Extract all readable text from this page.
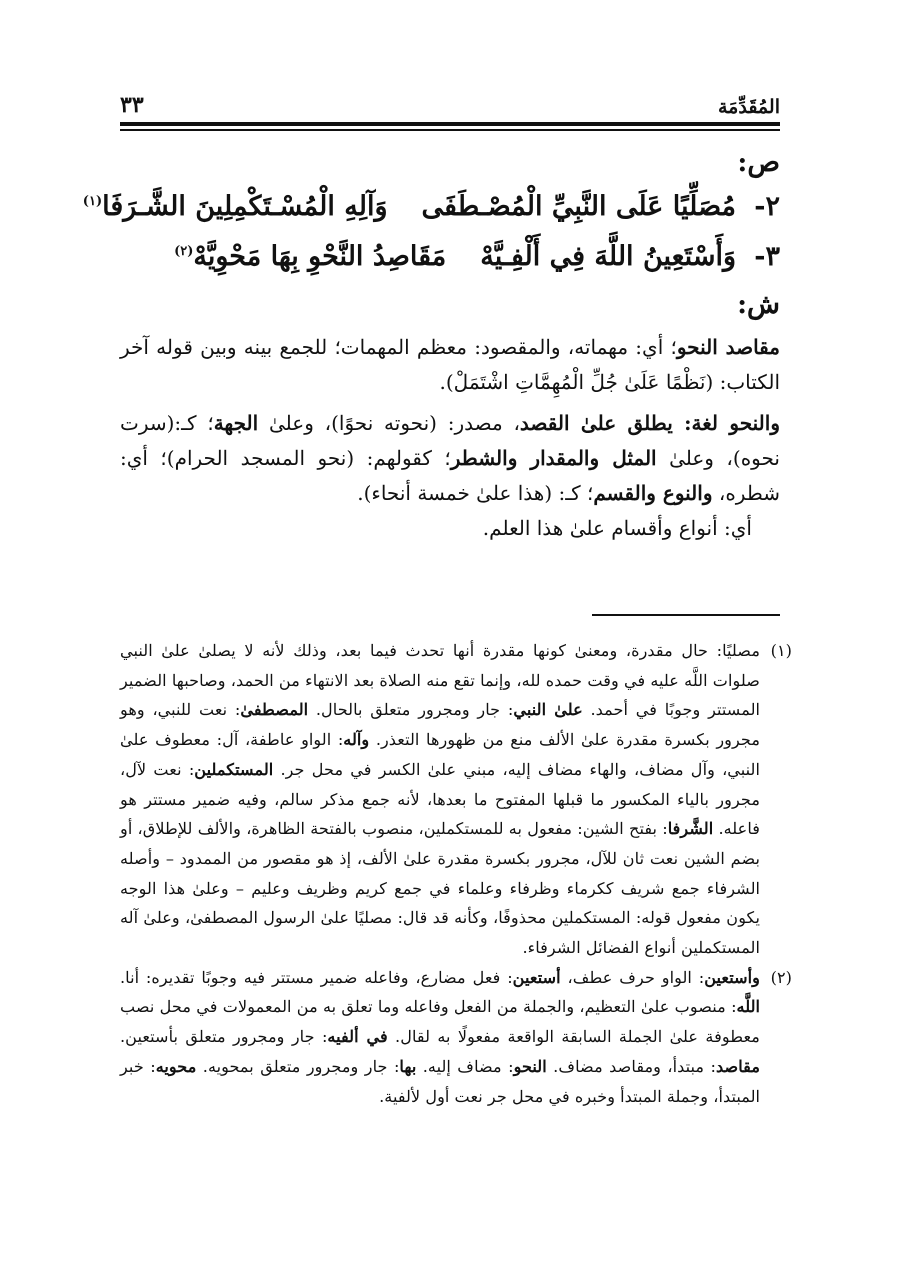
المُقَدِّمَة
٣٣
ص:
٢-
مُصَلِّيًا عَلَى النَّبِيِّ الْمُصْـطَفَى
وَآلِهِ الْمُسْـتَكْمِلِينَ الشَّـرَفَا$^{(١)}$
٣-
وَأَسْتَعِينُ اللَّهَ فِي أَلْفِـيَّهْ
مَقَاصِدُ النَّحْوِ بِهَا مَحْوِيَّهْ$^{(٢)}$
ش:

مقاصد النحو؛ أي: مهماته، والمقصود: معظم المهمات؛ للجمع بينه وبين قوله آخر الكتاب: (نَظْمًا عَلَىٰ جُلِّ الْمُهِمَّاتِ اشْتَمَلْ).

والنحو لغة: يطلق علىٰ القصد، مصدر: (نحوته نحوًا)، وعلىٰ الجهة؛ كـ:(سرت نحوه)، وعلىٰ المثل والمقدار والشطر؛ كقولهم: (نحو المسجد الحرام)؛ أي: شطره، والنوع والقسم؛ كـ: (هذا علىٰ خمسة أنحاء).

أي: أنواع وأقسام علىٰ هذا العلم.

(١)
مصليًا: حال مقدرة، ومعنىٰ كونها مقدرة أنها تحدث فيما بعد، وذلك لأنه لا يصلىٰ علىٰ النبي صلوات اللَّه عليه في وقت حمده لله، وإنما تقع منه الصلاة بعد الانتهاء من الحمد، وصاحبها الضمير المستتر وجوبًا في أحمد. علىٰ النبي: جار ومجرور متعلق بالحال. المصطفىٰ: نعت للنبي، وهو مجرور بكسرة مقدرة علىٰ الألف منع من ظهورها التعذر. وآله: الواو عاطفة، آل: معطوف علىٰ النبي، وآل مضاف، والهاء مضاف إليه، مبني علىٰ الكسر في محل جر. المستكملين: نعت لآل، مجرور بالياء المكسور ما قبلها المفتوح ما بعدها، لأنه جمع مذكر سالم، وفيه ضمير مستتر هو فاعله. الشَّرفا: بفتح الشين: مفعول به للمستكملين، منصوب بالفتحة الظاهرة، والألف للإطلاق، أو بضم الشين نعت ثان للآل، مجرور بكسرة مقدرة علىٰ الألف، إذ هو مقصور من الممدود – وأصله الشرفاء جمع شريف ككرماء وظرفاء وعلماء في جمع كريم وظريف وعليم – وعلىٰ هذا الوجه يكون مفعول قوله: المستكملين محذوفًا، وكأنه قد قال: مصليًا علىٰ الرسول المصطفىٰ، وعلىٰ آله المستكملين أنواع الفضائل الشرفاء.
(٢)
وأستعين: الواو حرف عطف، أستعين: فعل مضارع، وفاعله ضمير مستتر فيه وجوبًا تقديره: أنا. اللَّه: منصوب علىٰ التعظيم، والجملة من الفعل وفاعله وما تعلق به من المعمولات في محل نصب معطوفة علىٰ الجملة السابقة الواقعة مفعولًا به لقال. في ألفيه: جار ومجرور متعلق بأستعين. مقاصد: مبتدأ، ومقاصد مضاف. النحو: مضاف إليه. بها: جار ومجرور متعلق بمحويه. محويه: خبر المبتدأ، وجملة المبتدأ وخبره في محل جر نعت أول لألفية.
